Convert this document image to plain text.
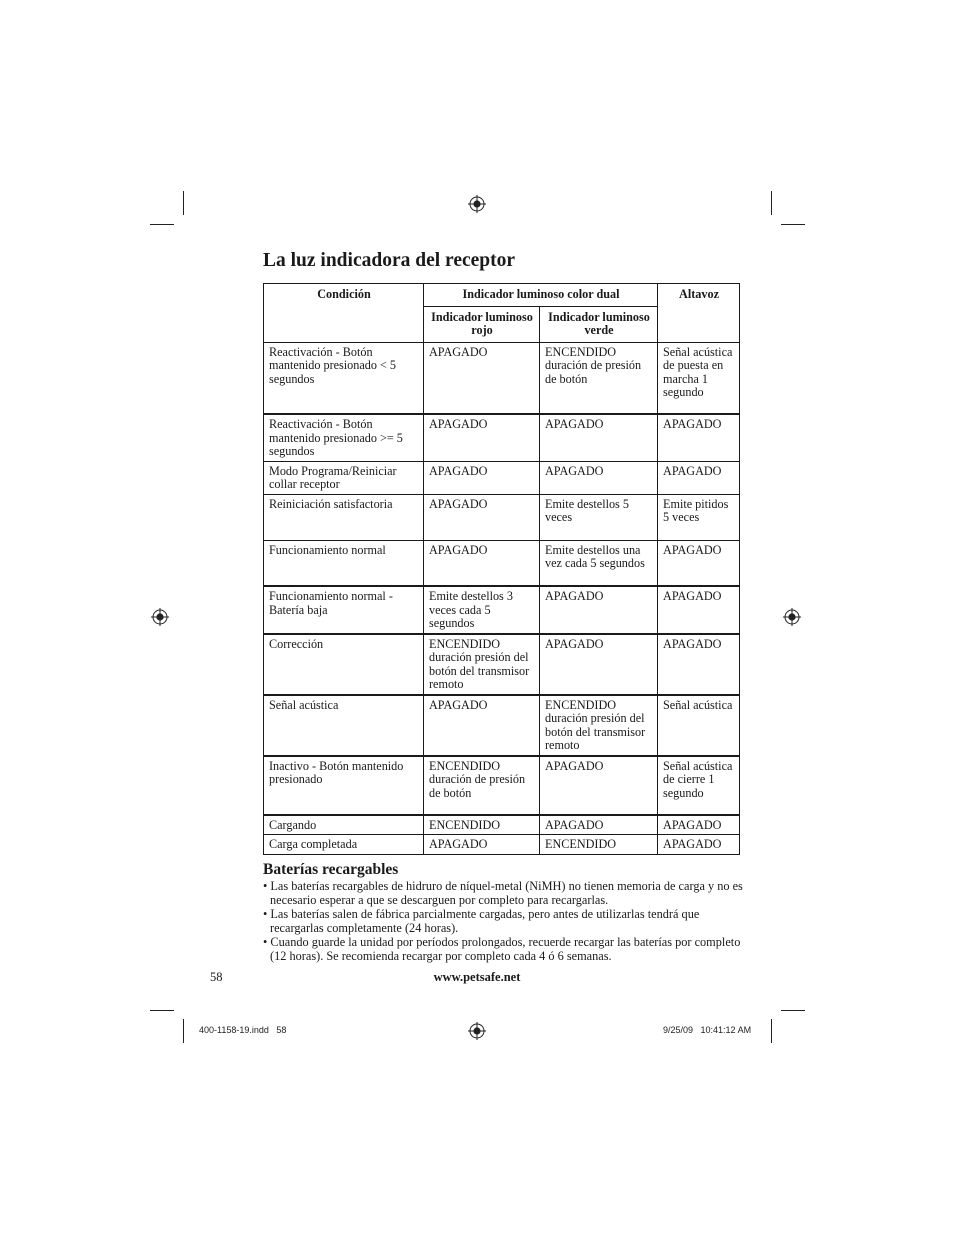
La luz indicadora del receptor
Condición	Indicador luminoso color dual		Altavoz
	Indicador luminoso rojo	Indicador luminoso verde	
Reactivación - Botón mantenido presionado < 5 segundos	APAGADO	ENCENDIDO duración de presión de botón	Señal acústica de puesta en marcha 1 segundo
Reactivación - Botón mantenido presionado >= 5 segundos	APAGADO	APAGADO	APAGADO
Modo Programa/Reiniciar collar receptor	APAGADO	APAGADO	APAGADO
Reiniciación satisfactoria	APAGADO	Emite destellos 5 veces	Emite pitidos 5 veces
Funcionamiento normal	APAGADO	Emite destellos una vez cada 5 segundos	APAGADO
Funcionamiento normal - Batería baja	Emite destellos 3 veces cada 5 segundos	APAGADO	APAGADO
Corrección	ENCENDIDO duración presión del botón del transmisor remoto	APAGADO	APAGADO
Señal acústica	APAGADO	ENCENDIDO duración presión del botón del transmisor remoto	Señal acústica
Inactivo - Botón mantenido presionado	ENCENDIDO duración de presión de botón	APAGADO	Señal acústica de cierre 1 segundo
Cargando	ENCENDIDO	APAGADO	APAGADO
Carga completada	APAGADO	ENCENDIDO	APAGADO
Baterías recargables
• Las baterías recargables de hidruro de níquel-metal (NiMH) no tienen memoria de carga y no es necesario esperar a que se descarguen por completo para recargarlas.
• Las baterías salen de fábrica parcialmente cargadas, pero antes de utilizarlas tendrá que recargarlas completamente (24 horas).
• Cuando guarde la unidad por períodos prolongados, recuerde recargar las baterías por completo (12 horas). Se recomienda recargar por completo cada 4 ó 6 semanas.
58	www.petsafe.net
400-1158-19.indd   58	9/25/09   10:41:12 AM
